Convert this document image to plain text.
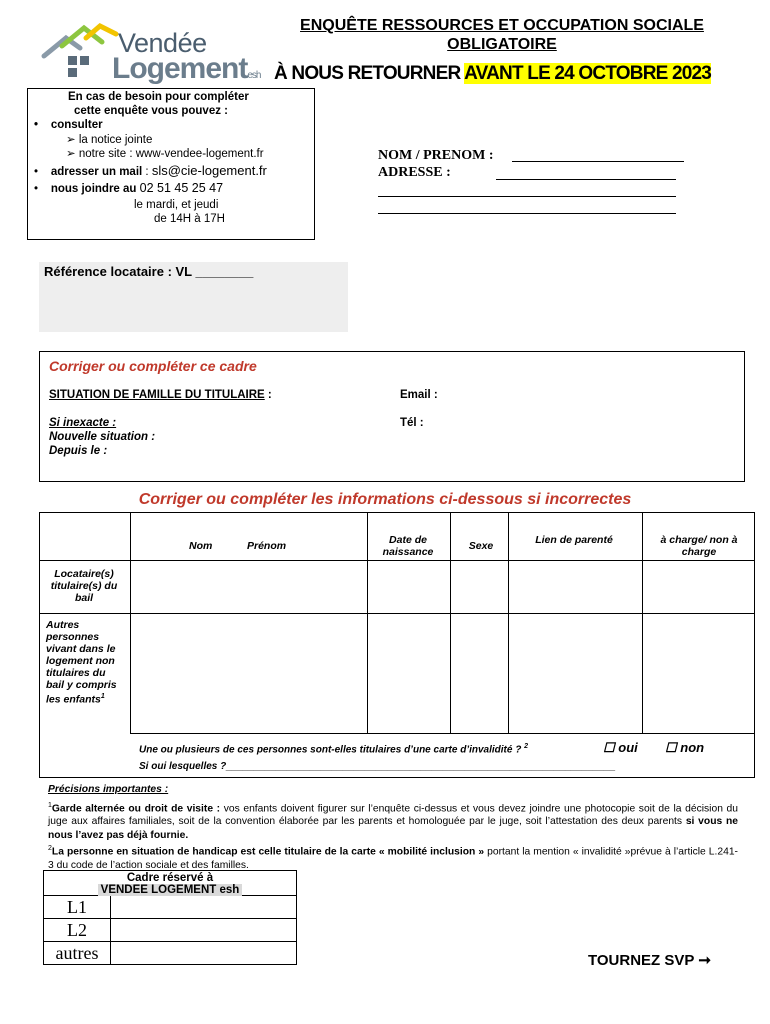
Vendée
Logementesh
ENQUÊTE RESSOURCES ET OCCUPATION SOCIALE
OBLIGATOIRE
À NOUS RETOURNER AVANT LE 24 OCTOBRE 2023
En cas de besoin pour compléter
cette enquête vous pouvez :
• consulter
➢ la notice jointe
➢ notre site : www-vendee-logement.fr
• adresser un mail : sls@cie-logement.fr
• nous joindre au 02 51 45 25 47
le mardi, et jeudi
de 14H à 17H
NOM / PRENOM :
ADRESSE :
Référence locataire : VL ________
Corriger ou compléter ce cadre
SITUATION DE FAMILLE DU TITULAIRE :	Email :
Si inexacte :
Nouvelle situation :
Depuis le :
Tél :
Corriger ou compléter les informations ci-dessous si incorrectes
Nom	Prénom	Date de naissance	Sexe	Lien de parenté	à charge/ non à charge
Locataire(s) titulaire(s) du bail
Autres personnes vivant dans le logement non titulaires du bail y compris les enfants$^1$
Une ou plusieurs de ces personnes sont-elles titulaires d’une carte d’invalidité ? $^2$	☐ oui ☐ non
Si oui lesquelles ?______________________________________________________________________

Précisions importantes :

$^1$Garde alternée ou droit de visite : vos enfants doivent figurer sur l’enquête ci-dessus et vous devez joindre une photocopie soit de la décision du juge aux affaires familiales, soit de la convention élaborée par les parents et homologuée par le juge, soit l’attestation des deux parents si vous ne nous l’avez pas déjà fournie.

$^2$La personne en situation de handicap est celle titulaire de la carte « mobilité inclusion » portant la mention « invalidité »prévue à l’article L.241-3 du code de l’action sociale et des familles.

Cadre réservé à
VENDEE LOGEMENT esh
L1
L2
autres	TOURNEZ SVP ➞
